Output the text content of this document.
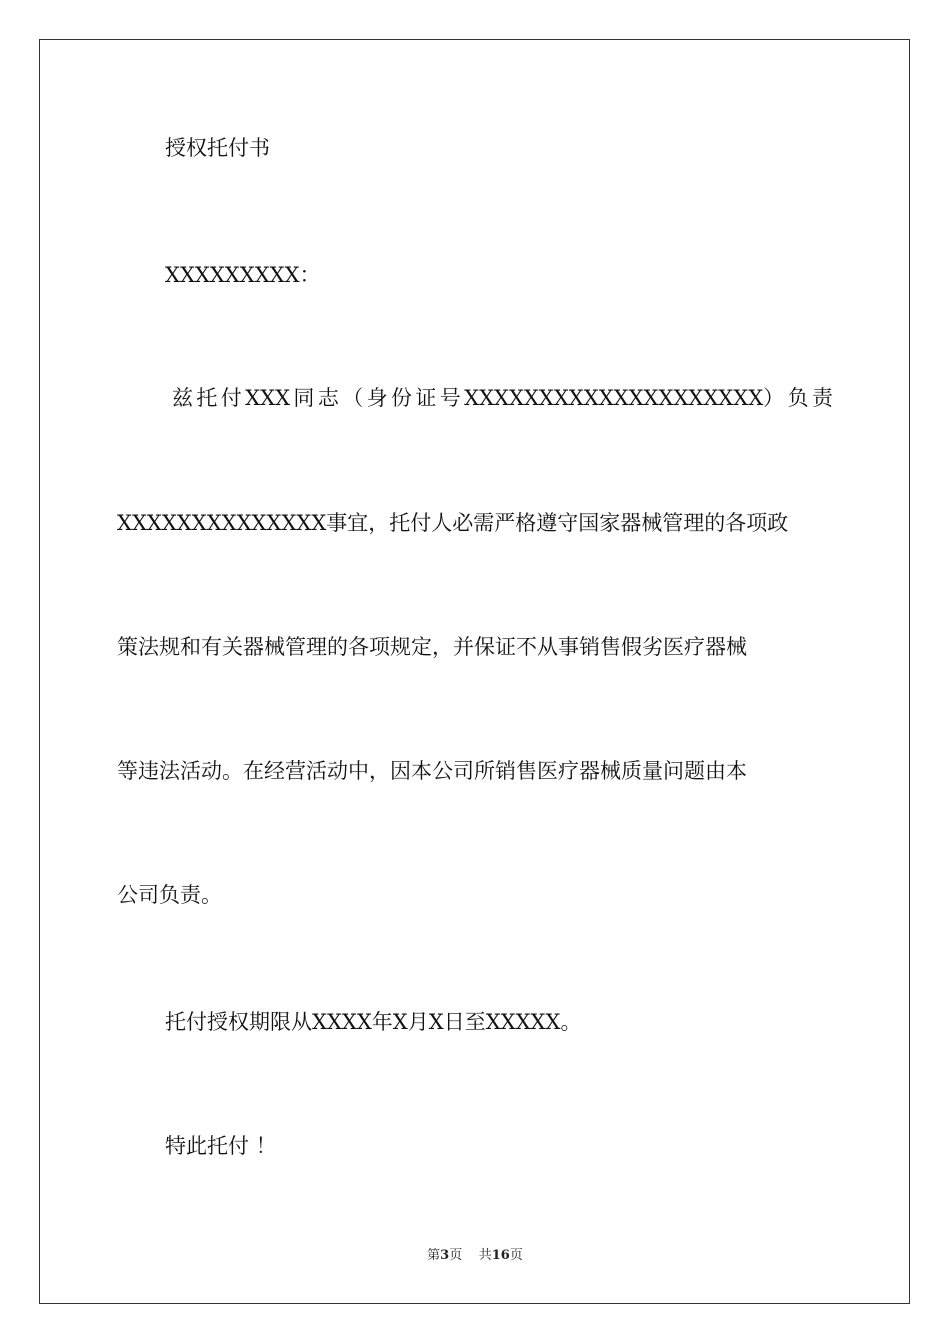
授权托付书
XXXXXXXXX：
兹 托 付 XXX 同 志 （ 身 份 证 号 XXXXXXXXXXXXXXXXXXXX） 负 责
XXXXXXXXXXXXXX事宜，托付人必需严格遵守国家器械管理的各项政
策法规和有关器械管理的各项规定，并保证不从事销售假劣医疗器械
等违法活动。在经营活动中，因本公司所销售医疗器械质量问题由本
公司负责。
托付授权期限从XXXX年X月X日至XXXXX。
特此托付 ！
第3页 共16页
